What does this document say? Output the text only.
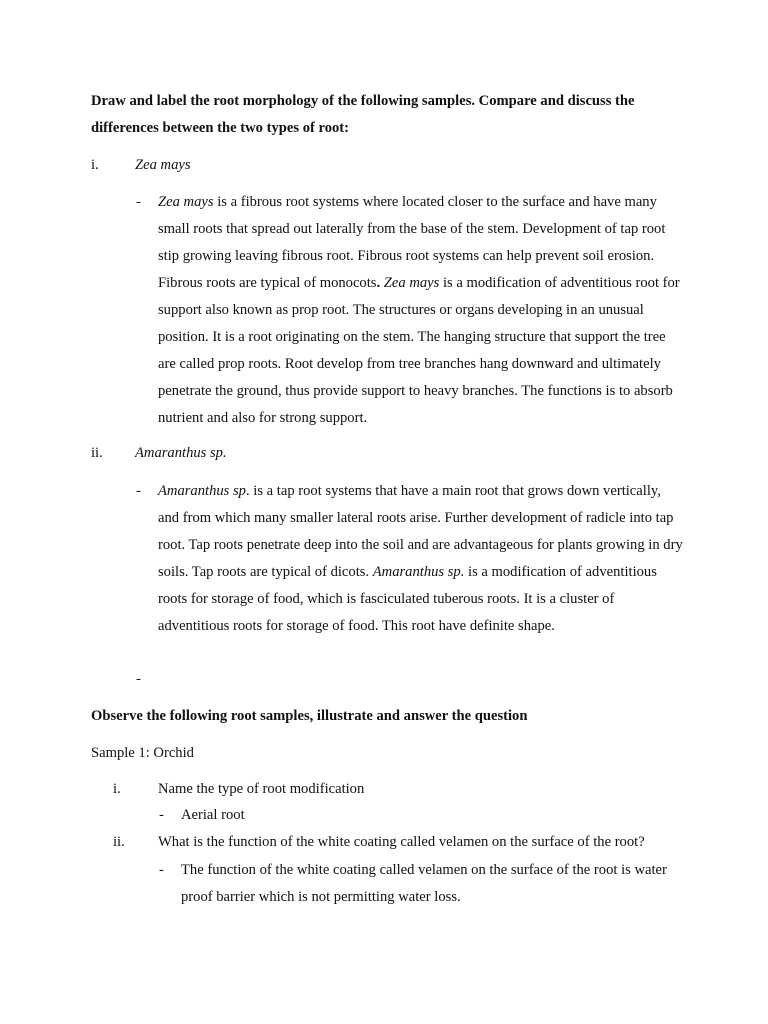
Draw and label the root morphology of the following samples. Compare and discuss the differences between the two types of root:
i. Zea mays
- Zea mays is a fibrous root systems where located closer to the surface and have many small roots that spread out laterally from the base of the stem. Development of tap root stip growing leaving fibrous root. Fibrous root systems can help prevent soil erosion. Fibrous roots are typical of monocots. Zea mays is a modification of adventitious root for support also known as prop root. The structures or organs developing in an unusual position. It is a root originating on the stem. The hanging structure that support the tree are called prop roots. Root develop from tree branches hang downward and ultimately penetrate the ground, thus provide support to heavy branches. The functions is to absorb nutrient and also for strong support.
ii. Amaranthus sp.
- Amaranthus sp. is a tap root systems that have a main root that grows down vertically, and from which many smaller lateral roots arise. Further development of radicle into tap root. Tap roots penetrate deep into the soil and are advantageous for plants growing in dry soils. Tap roots are typical of dicots. Amaranthus sp. is a modification of adventitious roots for storage of food, which is fasciculated tuberous roots. It is a cluster of adventitious roots for storage of food. This root have definite shape.
-
Observe the following root samples, illustrate and answer the question
Sample 1: Orchid
i.	Name the type of root modification
- Aerial root
ii. What is the function of the white coating called velamen on the surface of the root?
- The function of the white coating called velamen on the surface of the root is water proof barrier which is not permitting water loss.
